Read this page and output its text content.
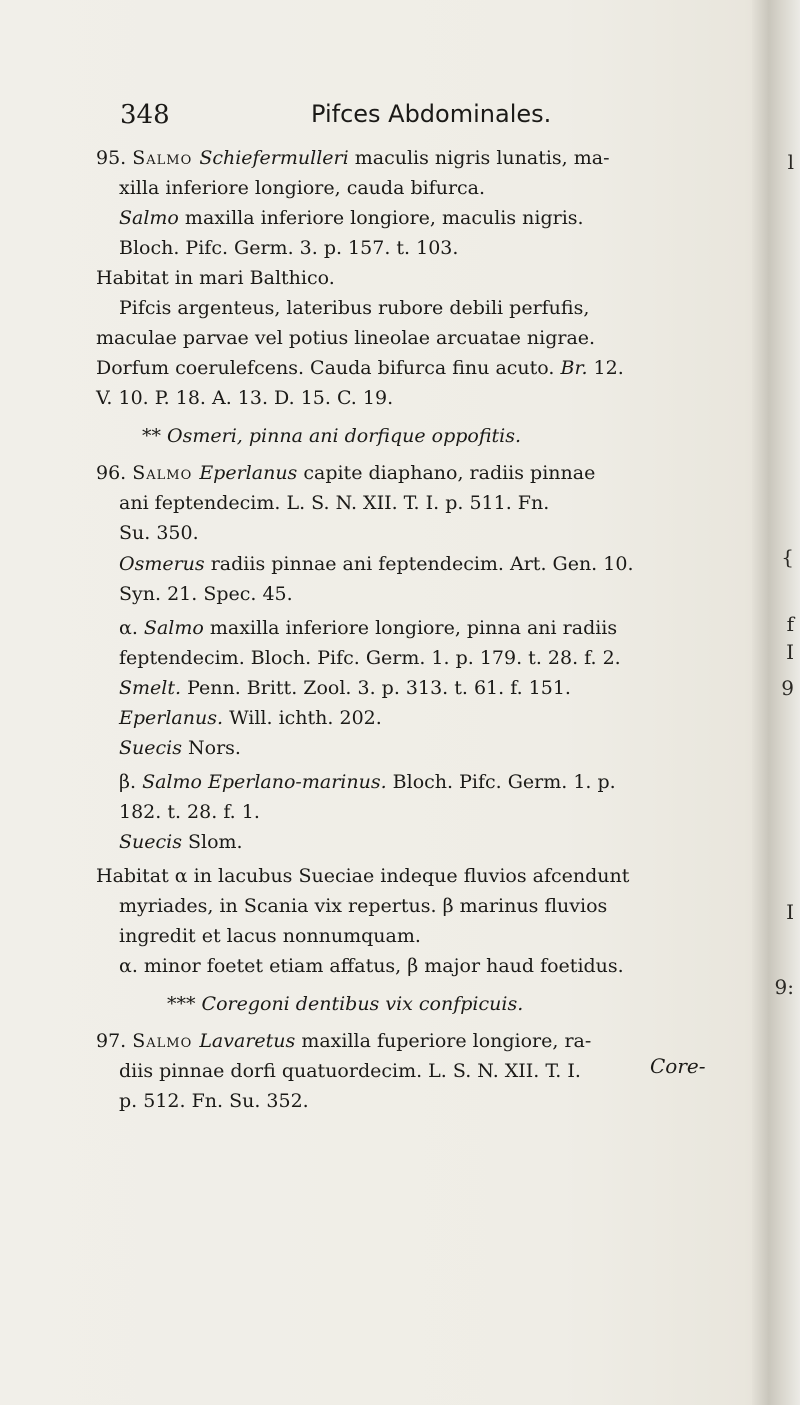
l
{
f
I
9
I
9:
348	Pifces Abdominales.
95. Salmo Schiefermulleri maculis nigris lunatis, ma-
xilla inferiore longiore, cauda bifurca.
Salmo maxilla inferiore longiore, maculis nigris.
Bloch. Pifc. Germ. 3. p. 157. t. 103.
Habitat in mari Balthico.
Pifcis argenteus, lateribus rubore debili perfufis,
maculae parvae vel potius lineolae arcuatae nigrae.
Dorfum coerulefcens. Cauda bifurca finu acuto. Br. 12.
V. 10. P. 18. A. 13. D. 15. C. 19.
** Osmeri, pinna ani dorfique oppofitis.
96. Salmo Eperlanus capite diaphano, radiis pinnae
ani feptendecim. L. S. N. XII. T. I. p. 511. Fn.
Su. 350.
Osmerus radiis pinnae ani feptendecim. Art. Gen. 10.
Syn. 21. Spec. 45.
α. Salmo maxilla inferiore longiore, pinna ani radiis
feptendecim. Bloch. Pifc. Germ. 1. p. 179. t. 28. f. 2.
Smelt. Penn. Britt. Zool. 3. p. 313. t. 61. f. 151.
Eperlanus. Will. ichth. 202.
Suecis Nors.
β. Salmo Eperlano-marinus. Bloch. Pifc. Germ. 1. p.
182. t. 28. f. 1.
Suecis Slom.
Habitat α in lacubus Sueciae indeque fluvios afcendunt
myriades, in Scania vix repertus. β marinus fluvios
ingredit et lacus nonnumquam.
α. minor foetet etiam affatus, β major haud foetidus.
*** Coregoni dentibus vix confpicuis.
97. Salmo Lavaretus maxilla fuperiore longiore, ra-
diis pinnae dorfi quatuordecim. L. S. N. XII. T. I.
p. 512. Fn. Su. 352.
Core-
